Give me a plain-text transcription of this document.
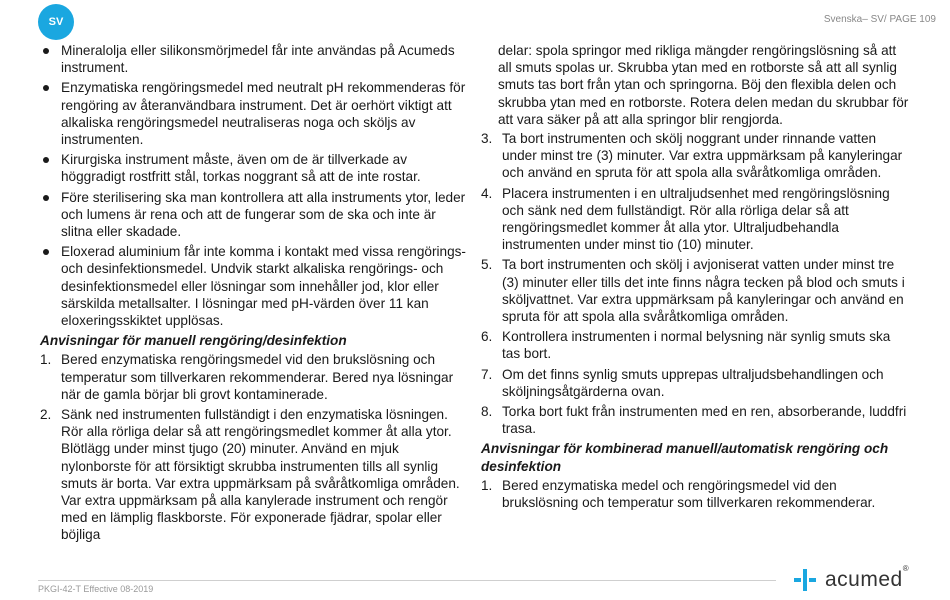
SV	Svenska– SV/ PAGE 109
Mineralolja eller silikonsmörjmedel får inte användas på Acumeds instrument.
Enzymatiska rengöringsmedel med neutralt pH rekommenderas för rengöring av återanvändbara instrument. Det är oerhört viktigt att alkaliska rengöringsmedel neutraliseras noga och sköljs av instrumenten.
Kirurgiska instrument måste, även om de är tillverkade av höggradigt rostfritt stål, torkas noggrant så att de inte rostar.
Före sterilisering ska man kontrollera att alla instruments ytor, leder och lumens är rena och att de fungerar som de ska och inte är slitna eller skadade.
Eloxerad aluminium får inte komma i kontakt med vissa rengörings- och desinfektionsmedel. Undvik starkt alkaliska rengörings- och desinfektionsmedel eller lösningar som innehåller jod, klor eller särskilda metallsalter. I lösningar med pH-värden över 11 kan eloxeringsskiktet upplösas.
Anvisningar för manuell rengöring/desinfektion
1. Bered enzymatiska rengöringsmedel vid den brukslösning och temperatur som tillverkaren rekommenderar. Bered nya lösningar när de gamla börjar bli grovt kontaminerade.
2. Sänk ned instrumenten fullständigt i den enzymatiska lösningen. Rör alla rörliga delar så att rengöringsmedlet kommer åt alla ytor. Blötlägg under minst tjugo (20) minuter. Använd en mjuk nylonborste för att försiktigt skrubba instrumenten tills all synlig smuts är borta. Var extra uppmärksam på svåråtkomliga områden. Var extra uppmärksam på alla kanylerade instrument och rengör med en lämplig flaskborste. För exponerade fjädrar, spolar eller böjliga
delar: spola springor med rikliga mängder rengöringslösning så att all smuts spolas ur. Skrubba ytan med en rotborste så att all synlig smuts tas bort från ytan och springorna. Böj den flexibla delen och skrubba ytan med en rotborste. Rotera delen medan du skrubbar för att vara säker på att alla springor blir rengjorda.
3. Ta bort instrumenten och skölj noggrant under rinnande vatten under minst tre (3) minuter. Var extra uppmärksam på kanyleringar och använd en spruta för att spola alla svåråtkomliga områden.
4. Placera instrumenten i en ultraljudsenhet med rengöringslösning och sänk ned dem fullständigt. Rör alla rörliga delar så att rengöringsmedlet kommer åt alla ytor. Ultraljudbehandla instrumenten under minst tio (10) minuter.
5. Ta bort instrumenten och skölj i avjoniserat vatten under minst tre (3) minuter eller tills det inte finns några tecken på blod och smuts i sköljvattnet. Var extra uppmärksam på kanyleringar och använd en spruta för att spola alla svåråtkomliga områden.
6. Kontrollera instrumenten i normal belysning när synlig smuts ska tas bort.
7. Om det finns synlig smuts upprepas ultraljudsbehandlingen och sköljningsåtgärderna ovan.
8. Torka bort fukt från instrumenten med en ren, absorberande, luddfri trasa.
Anvisningar för kombinerad manuell/automatisk rengöring och desinfektion
1. Bered enzymatiska medel och rengöringsmedel vid den brukslösning och temperatur som tillverkaren rekommenderar.
PKGI-42-T Effective 08-2019	acumed®
